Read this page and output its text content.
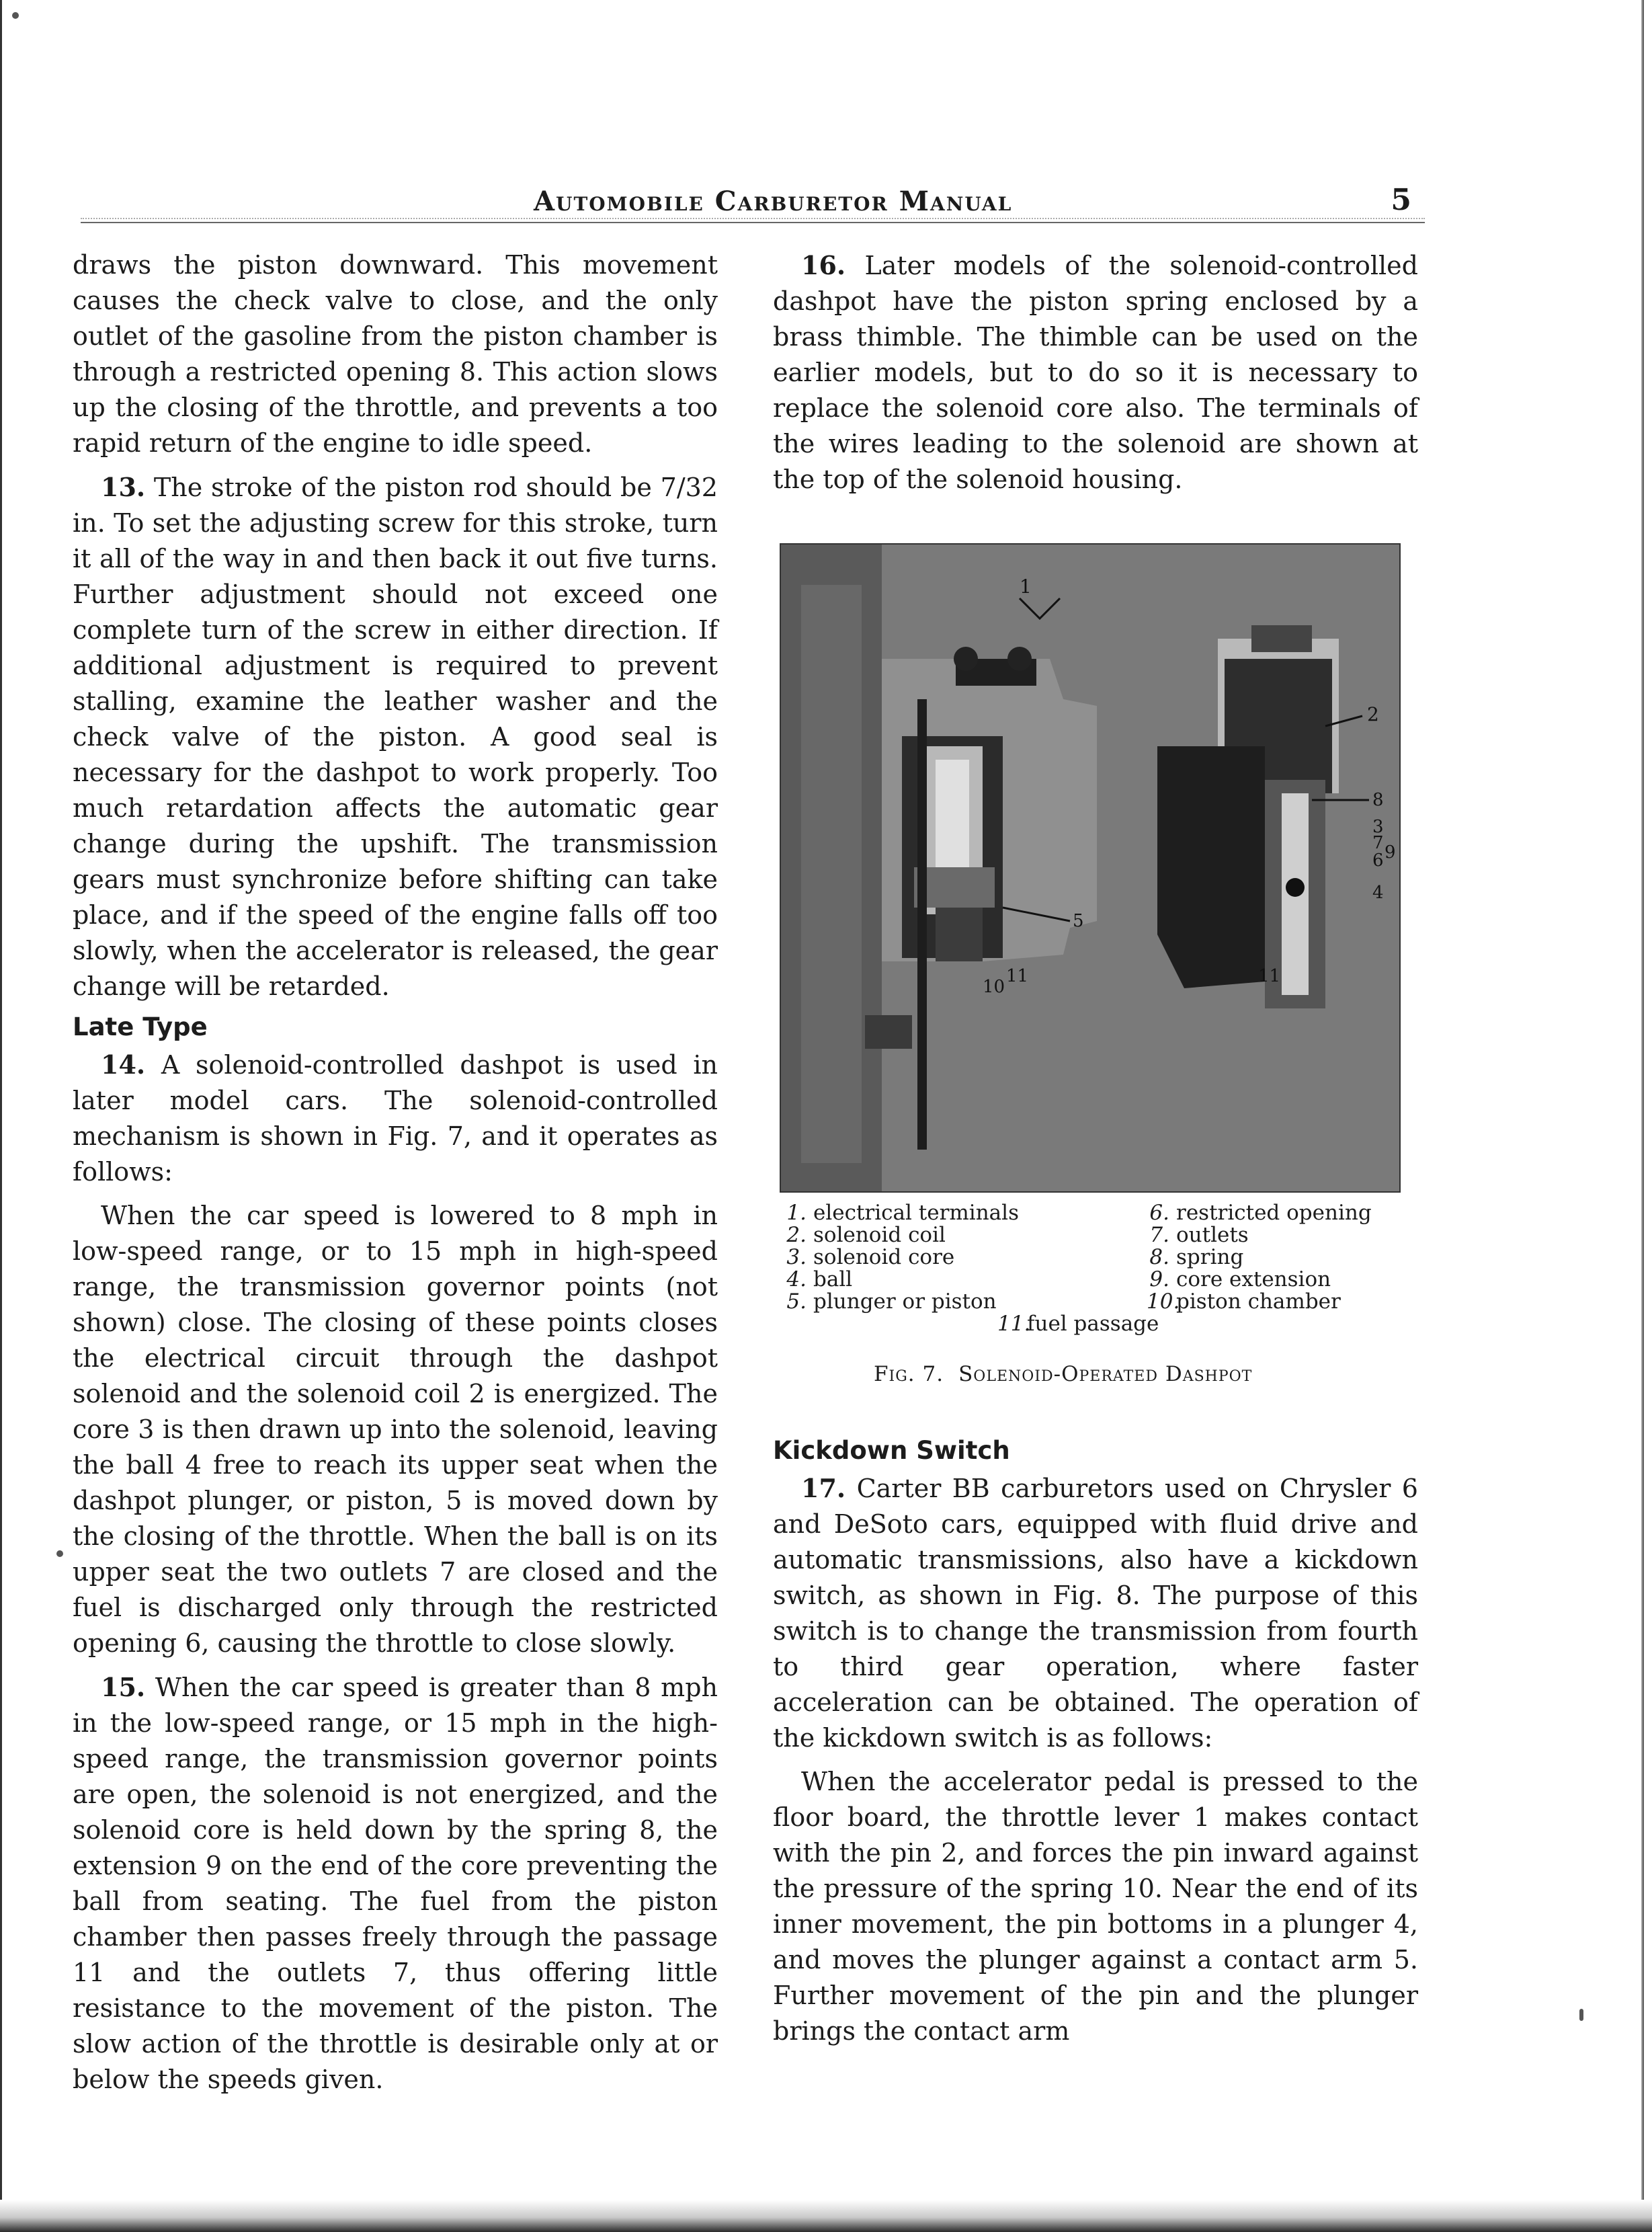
Automobile Carburetor Manual	5

draws the piston downward. This movement causes the check valve to close, and the only outlet of the gasoline from the piston chamber is through a restricted opening 8. This action slows up the closing of the throttle, and prevents a too rapid return of the engine to idle speed.

13. The stroke of the piston rod should be 7/32 in. To set the adjusting screw for this stroke, turn it all of the way in and then back it out five turns. Further adjustment should not exceed one complete turn of the screw in either direction. If additional adjustment is required to prevent stalling, examine the leather washer and the check valve of the piston. A good seal is necessary for the dashpot to work properly. Too much retardation affects the automatic gear change during the upshift. The transmission gears must synchronize before shifting can take place, and if the speed of the engine falls off too slowly, when the accelerator is released, the gear change will be retarded.

Late Type

14. A solenoid-controlled dashpot is used in later model cars. The solenoid-controlled mechanism is shown in Fig. 7, and it operates as follows:

When the car speed is lowered to 8 mph in low-speed range, or to 15 mph in high-speed range, the transmission governor points (not shown) close. The closing of these points closes the electrical circuit through the dashpot solenoid and the solenoid coil 2 is energized. The core 3 is then drawn up into the solenoid, leaving the ball 4 free to reach its upper seat when the dashpot plunger, or piston, 5 is moved down by the closing of the throttle. When the ball is on its upper seat the two outlets 7 are closed and the fuel is discharged only through the restricted opening 6, causing the throttle to close slowly.

15. When the car speed is greater than 8 mph in the low-speed range, or 15 mph in the high-speed range, the transmission governor points are open, the solenoid is not energized, and the solenoid core is held down by the spring 8, the extension 9 on the end of the core preventing the ball from seating. The fuel from the piston chamber then passes freely through the passage 11 and the outlets 7, thus offering little resistance to the movement of the piston. The slow action of the throttle is desirable only at or below the speeds given.

16. Later models of the solenoid-controlled dashpot have the piston spring enclosed by a brass thimble. The thimble can be used on the earlier models, but to do so it is necessary to replace the solenoid core also. The terminals of the wires leading to the solenoid are shown at the top of the solenoid housing.

1
2
8
3
7
6 9
4
5
10
11	11
1. electrical terminals
2. solenoid coil
3. solenoid core
4. ball
5. plunger or piston
6. restricted opening
7. outlets
8. spring
9. core extension
10.piston chamber
11.fuel passage
Fig. 7. Solenoid-Operated Dashpot
Kickdown Switch

17. Carter BB carburetors used on Chrysler 6 and DeSoto cars, equipped with fluid drive and automatic transmissions, also have a kickdown switch, as shown in Fig. 8. The purpose of this switch is to change the transmission from fourth to third gear operation, where faster acceleration can be obtained. The operation of the kickdown switch is as follows:

When the accelerator pedal is pressed to the floor board, the throttle lever 1 makes contact with the pin 2, and forces the pin inward against the pressure of the spring 10. Near the end of its inner movement, the pin bottoms in a plunger 4, and moves the plunger against a contact arm 5. Further movement of the pin and the plunger brings the contact arm
